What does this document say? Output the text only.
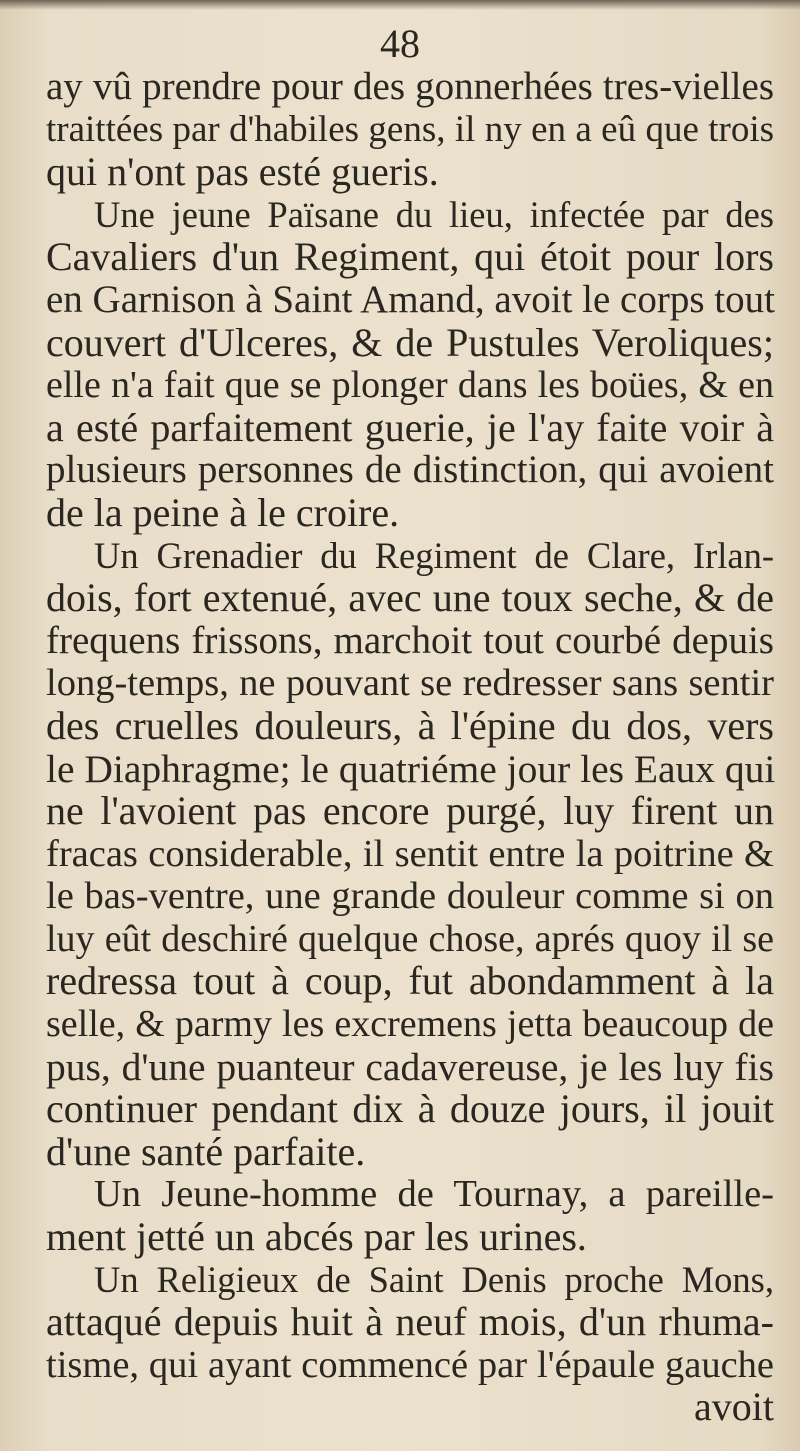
48
ay vû prendre pour des gonnerhées tres-vielles
traittées par d'habiles gens, il ny en a eû que trois
qui n'ont pas esté gueris.
Une jeune Païsane du lieu, infectée par des
Cavaliers d'un Regiment, qui étoit pour lors
en Garnison à Saint Amand, avoit le corps tout
couvert d'Ulceres, & de Pustules Veroliques;
elle n'a fait que se plonger dans les boües, & en
a esté parfaitement guerie, je l'ay faite voir à
plusieurs personnes de distinction, qui avoient
de la peine à le croire.
Un Grenadier du Regiment de Clare, Irlan-
dois, fort extenué, avec une toux seche, & de
frequens frissons, marchoit tout courbé depuis
long-temps, ne pouvant se redresser sans sentir
des cruelles douleurs, à l'épine du dos, vers
le Diaphragme; le quatriéme jour les Eaux qui
ne l'avoient pas encore purgé, luy firent un
fracas considerable, il sentit entre la poitrine &
le bas-ventre, une grande douleur comme si on
luy eût deschiré quelque chose, aprés quoy il se
redressa tout à coup, fut abondamment à la
selle, & parmy les excremens jetta beaucoup de
pus, d'une puanteur cadavereuse, je les luy fis
continuer pendant dix à douze jours, il jouit
d'une santé parfaite.
Un Jeune-homme de Tournay, a pareille-
ment jetté un abcés par les urines.
Un Religieux de Saint Denis proche Mons,
attaqué depuis huit à neuf mois, d'un rhuma-
tisme, qui ayant commencé par l'épaule gauche
avoit
